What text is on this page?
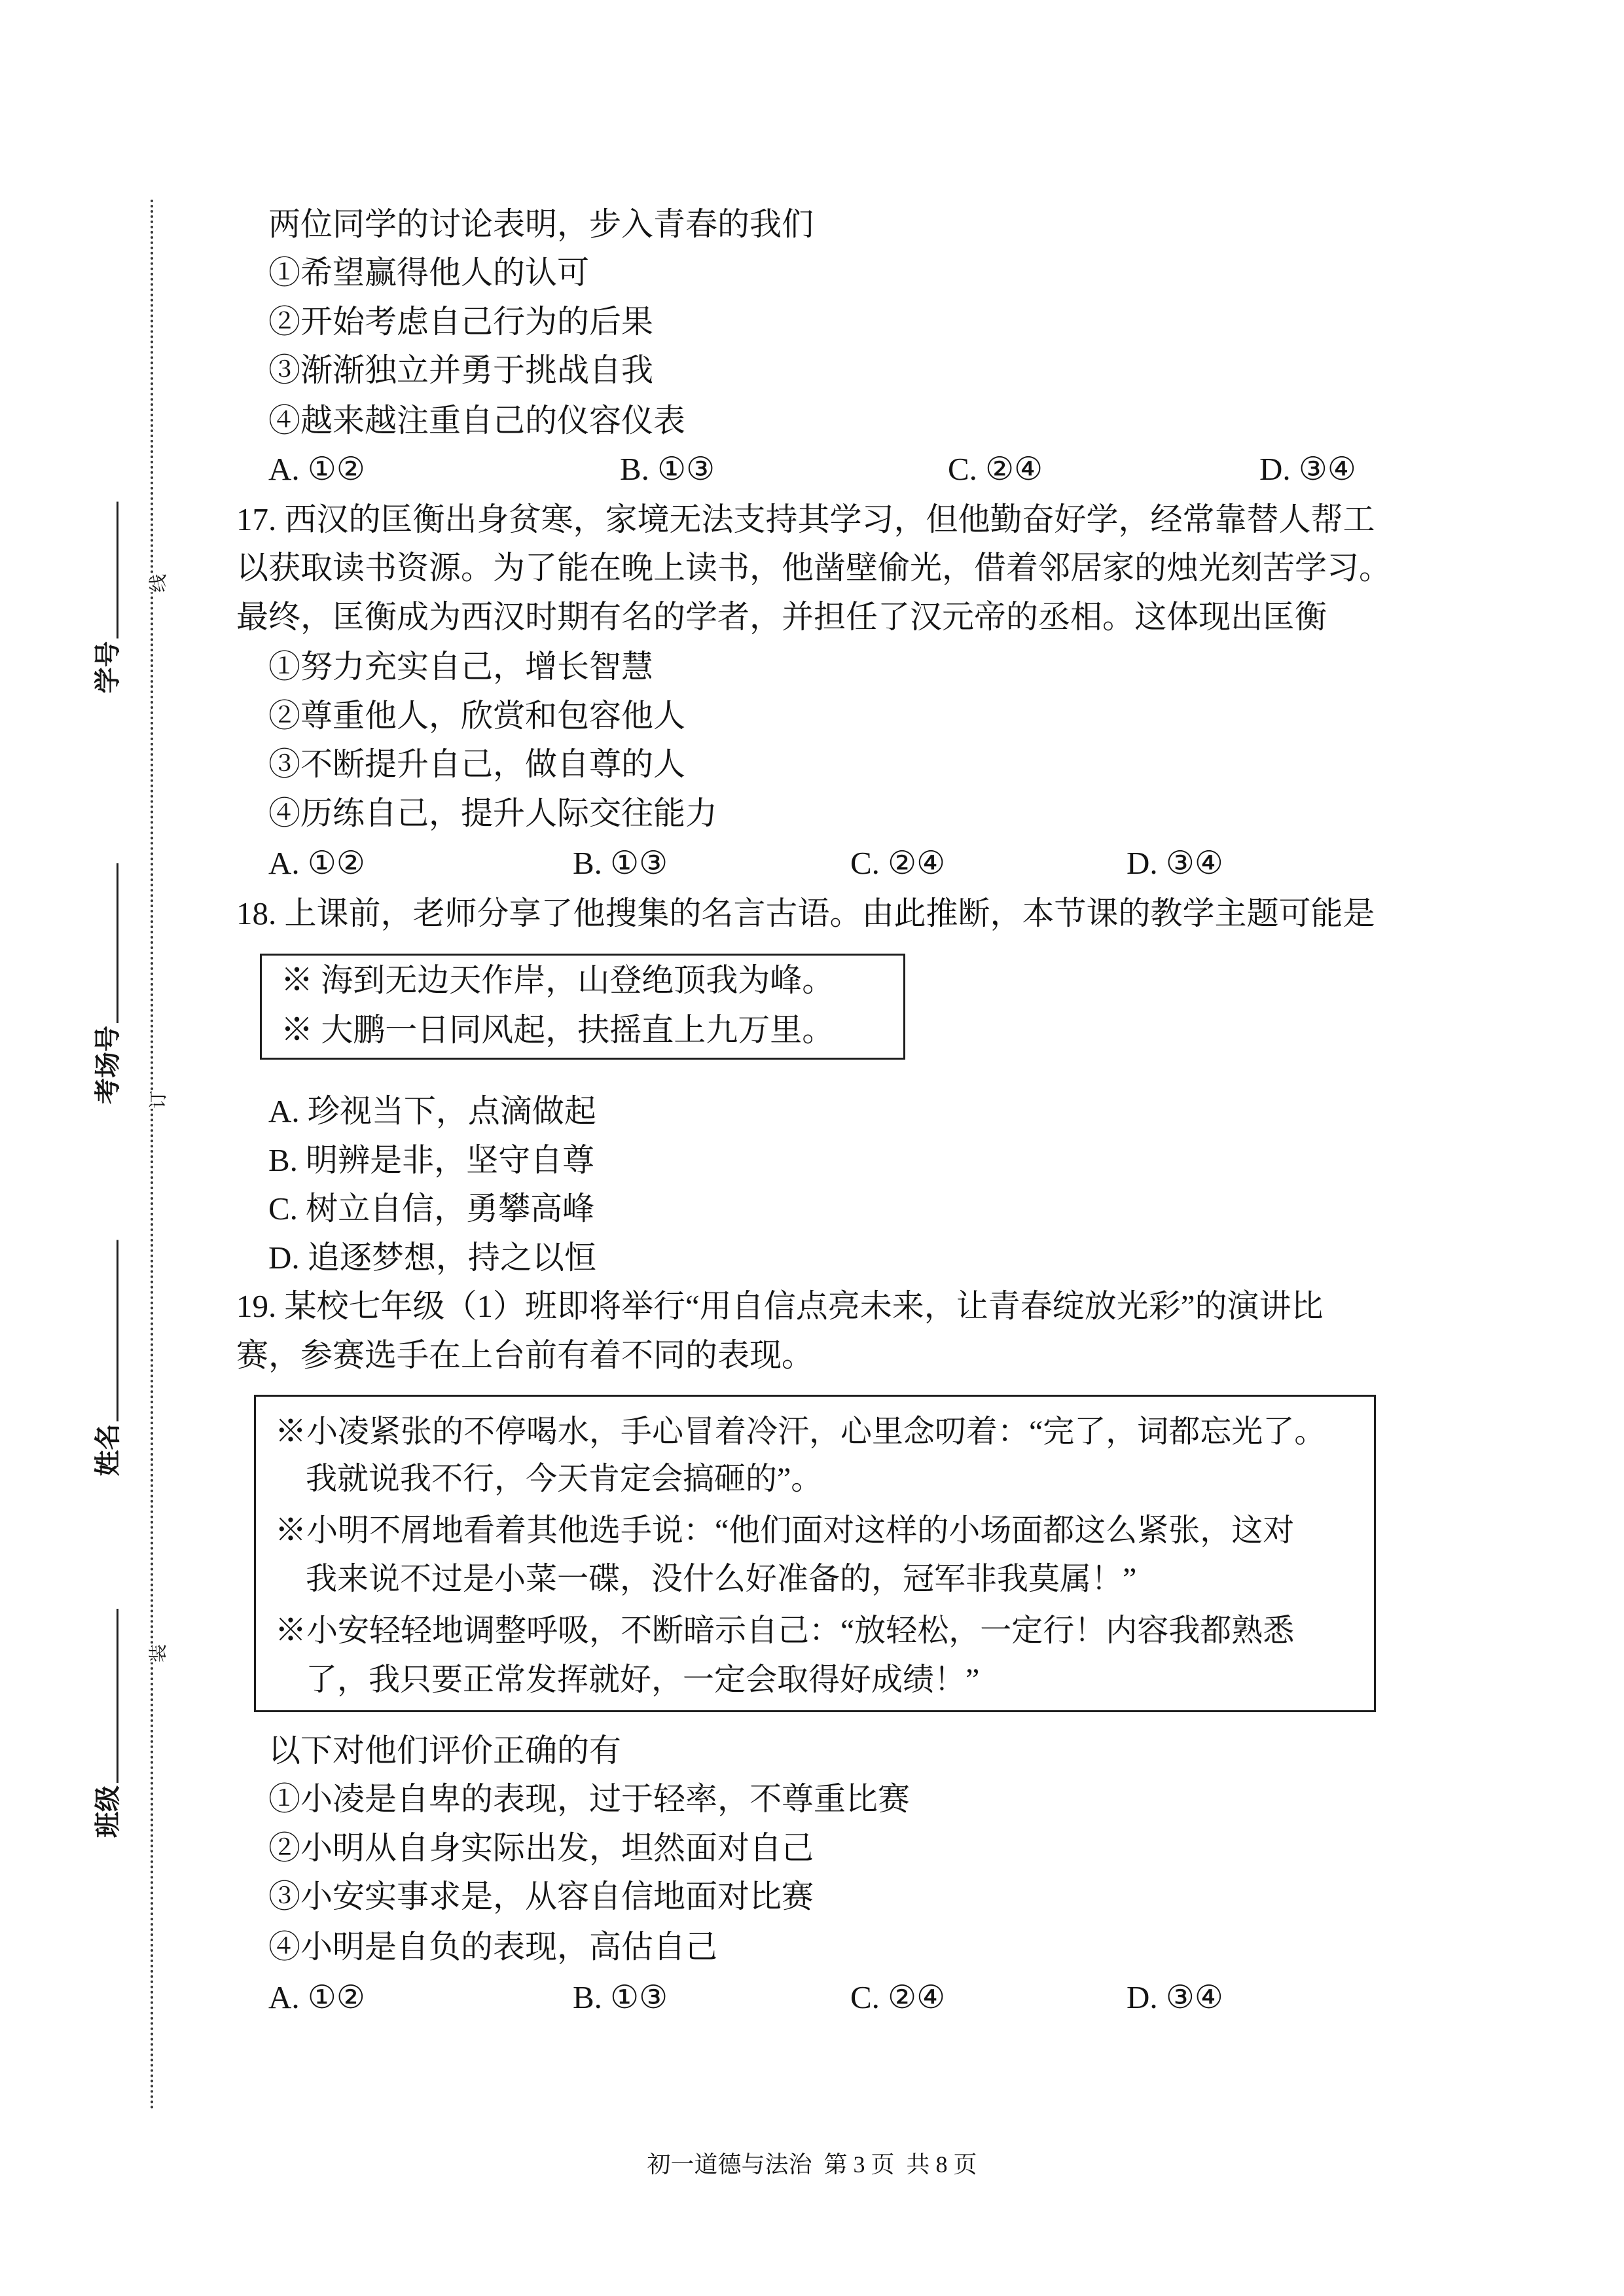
学号
考场号
姓名
班级
线
订
装
两位同学的讨论表明，步入青春的我们
①希望赢得他人的认可
②开始考虑自己行为的后果
③渐渐独立并勇于挑战自我
④越来越注重自己的仪容仪表
A. ①②	B. ①③	C. ②④	D. ③④
17. 西汉的匡衡出身贫寒，家境无法支持其学习，但他勤奋好学，经常靠替人帮工
以获取读书资源。为了能在晚上读书，他凿壁偷光，借着邻居家的烛光刻苦学习。
最终，匡衡成为西汉时期有名的学者，并担任了汉元帝的丞相。这体现出匡衡
①努力充实自己，增长智慧
②尊重他人，欣赏和包容他人
③不断提升自己，做自尊的人
④历练自己，提升人际交往能力
A. ①②	B. ①③	C. ②④	D. ③④
18. 上课前，老师分享了他搜集的名言古语。由此推断，本节课的教学主题可能是
※ 海到无边天作岸，山登绝顶我为峰。
※ 大鹏一日同风起，扶摇直上九万里。
A. 珍视当下，点滴做起
B. 明辨是非，坚守自尊
C. 树立自信，勇攀高峰
D. 追逐梦想，持之以恒
19. 某校七年级（1）班即将举行“用自信点亮未来，让青春绽放光彩”的演讲比
赛，参赛选手在上台前有着不同的表现。
※小凌紧张的不停喝水，手心冒着冷汗，心里念叨着：“完了，词都忘光了。
我就说我不行，今天肯定会搞砸的”。
※小明不屑地看着其他选手说：“他们面对这样的小场面都这么紧张，这对
我来说不过是小菜一碟，没什么好准备的，冠军非我莫属！”
※小安轻轻地调整呼吸，不断暗示自己：“放轻松，一定行！内容我都熟悉
了，我只要正常发挥就好，一定会取得好成绩！”
以下对他们评价正确的有
①小凌是自卑的表现，过于轻率，不尊重比赛
②小明从自身实际出发，坦然面对自己
③小安实事求是，从容自信地面对比赛
④小明是自负的表现，高估自己
A. ①②	B. ①③	C. ②④	D. ③④
初一道德与法治  第 3 页  共 8 页
